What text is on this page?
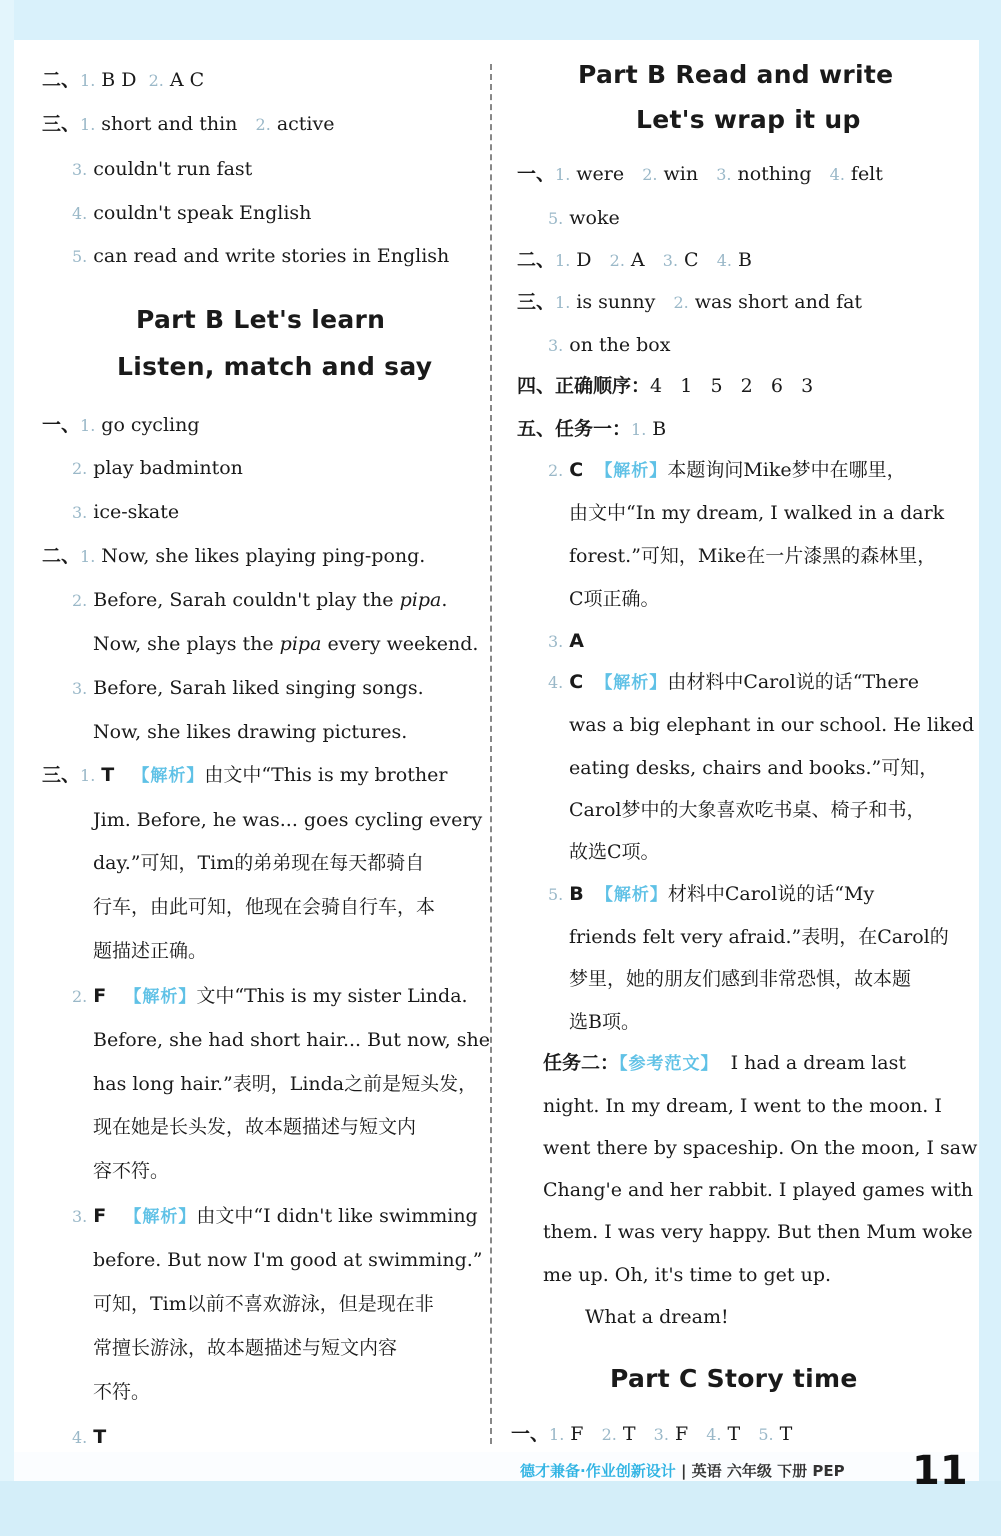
二、1. B D 2. A C
三、1. short and thin 2. active
3. couldn't run fast
4. couldn't speak English
5. can read and write stories in English
Part B Let's learn
Listen, match and say
一、1. go cycling
2. play badminton
3. ice-skate
二、1. Now, she likes playing ping-pong.
2. Before, Sarah couldn't play the pipa.
Now, she plays the pipa every weekend.
3. Before, Sarah liked singing songs.
Now, she likes drawing pictures.
三、1. T 【解析】由文中“This is my brother
Jim. Before, he was... goes cycling every
day.”可知，Tim的弟弟现在每天都骑自
行车，由此可知，他现在会骑自行车，本
题描述正确。
2. F 【解析】文中“This is my sister Linda.
Before, she had short hair... But now, she
has long hair.”表明，Linda之前是短头发，
现在她是长头发，故本题描述与短文内
容不符。
3. F 【解析】由文中“I didn't like swimming
before. But now I'm good at swimming.”
可知，Tim以前不喜欢游泳，但是现在非
常擅长游泳，故本题描述与短文内容
不符。
4. T
Part B Read and write
Let's wrap it up
一、1. were 2. win 3. nothing 4. felt
5. woke
二、1. D 2. A 3. C 4. B
三、1. is sunny 2. was short and fat
3. on the box
四、正确顺序：4   1   5   2   6   3
五、任务一：1. B
2. C 【解析】本题询问Mike梦中在哪里，
由文中“In my dream, I walked in a dark
forest.”可知，Mike在一片漆黑的森林里，
C项正确。
3. A
4. C 【解析】由材料中Carol说的话“There
was a big elephant in our school. He liked
eating desks, chairs and books.”可知，
Carol梦中的大象喜欢吃书桌、椅子和书，
故选C项。
5. B 【解析】材料中Carol说的话“My
friends felt very afraid.”表明，在Carol的
梦里，她的朋友们感到非常恐惧，故本题
选B项。
任务二：【参考范文】 I had a dream last
night. In my dream, I went to the moon. I
went there by spaceship. On the moon, I saw
Chang'e and her rabbit. I played games with
them. I was very happy. But then Mum woke
me up. Oh, it's time to get up.
What a dream!
Part C Story time
一、1. F 2. T 3. F 4. T 5. T
德才兼备·作业创新设计 | 英语 六年级 下册 PEP 11
